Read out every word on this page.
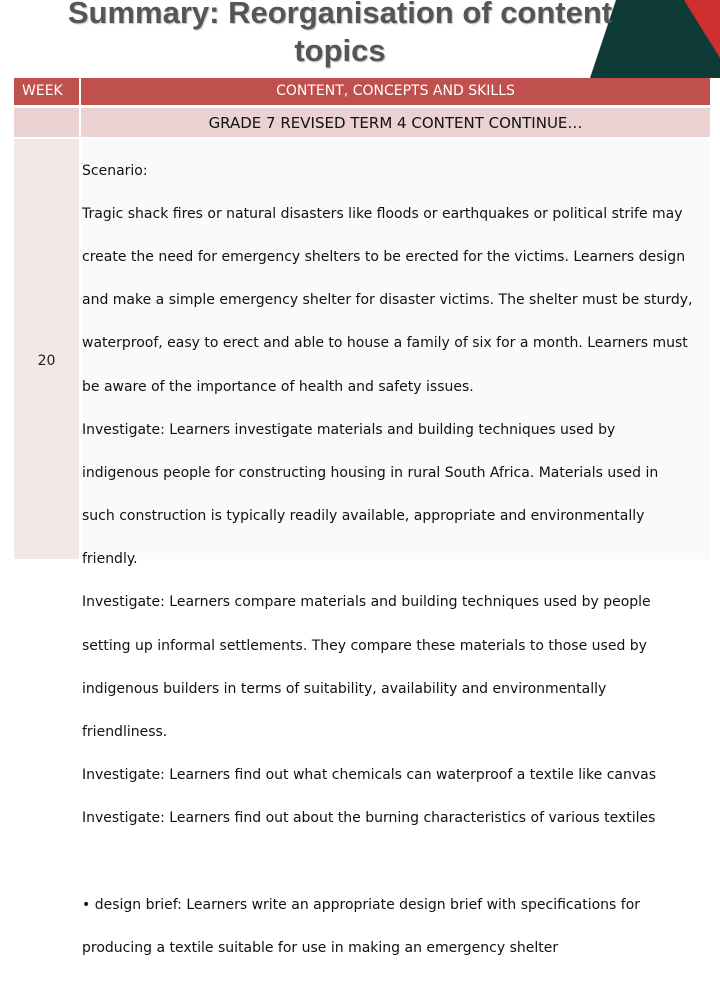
Summary: Reorganisation of content
topics
WEEK	CONTENT, CONCEPTS AND SKILLS
GRADE 7 REVISED TERM 4 CONTENT CONTINUE…
20

Scenario:

Tragic shack fires or natural disasters like floods or earthquakes or political strife may

create the need for emergency shelters to be erected for the victims. Learners design

and make a simple emergency shelter for disaster victims. The shelter must be sturdy,

waterproof, easy to erect and able to house a family of six for a month. Learners must

be aware of the importance of health and safety issues.

Investigate: Learners investigate materials and building techniques used by

indigenous people for constructing housing in rural South Africa. Materials used in

such construction is typically readily available, appropriate and environmentally

friendly.

Investigate: Learners compare materials and building techniques used by people

setting up informal settlements. They compare these materials to those used by

indigenous builders in terms of suitability, availability and environmentally

friendliness.

Investigate: Learners find out what chemicals can waterproof a textile like canvas

Investigate: Learners find out about the burning characteristics of various textiles

• design brief: Learners write an appropriate design brief with specifications for

producing a textile suitable for use in making an emergency shelter
